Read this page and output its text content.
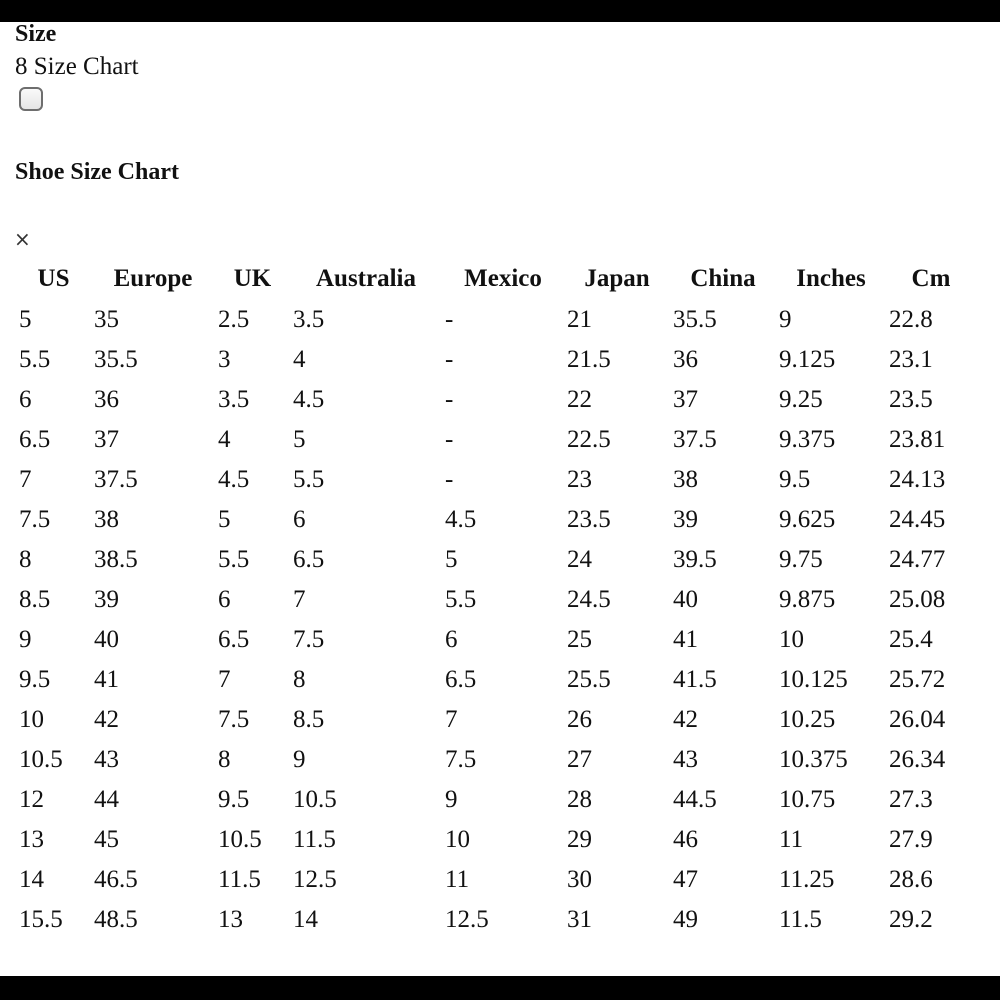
Size
8 Size Chart
Shoe Size Chart
×
US	Europe	UK	Australia	Mexico	Japan	China	Inches	Cm
5	35	2.5	3.5	-	21	35.5	9	22.8
5.5	35.5	3	4	-	21.5	36	9.125	23.1
6	36	3.5	4.5	-	22	37	9.25	23.5
6.5	37	4	5	-	22.5	37.5	9.375	23.81
7	37.5	4.5	5.5	-	23	38	9.5	24.13
7.5	38	5	6	4.5	23.5	39	9.625	24.45
8	38.5	5.5	6.5	5	24	39.5	9.75	24.77
8.5	39	6	7	5.5	24.5	40	9.875	25.08
9	40	6.5	7.5	6	25	41	10	25.4
9.5	41	7	8	6.5	25.5	41.5	10.125	25.72
10	42	7.5	8.5	7	26	42	10.25	26.04
10.5	43	8	9	7.5	27	43	10.375	26.34
12	44	9.5	10.5	9	28	44.5	10.75	27.3
13	45	10.5	11.5	10	29	46	11	27.9
14	46.5	11.5	12.5	11	30	47	11.25	28.6
15.5	48.5	13	14	12.5	31	49	11.5	29.2
